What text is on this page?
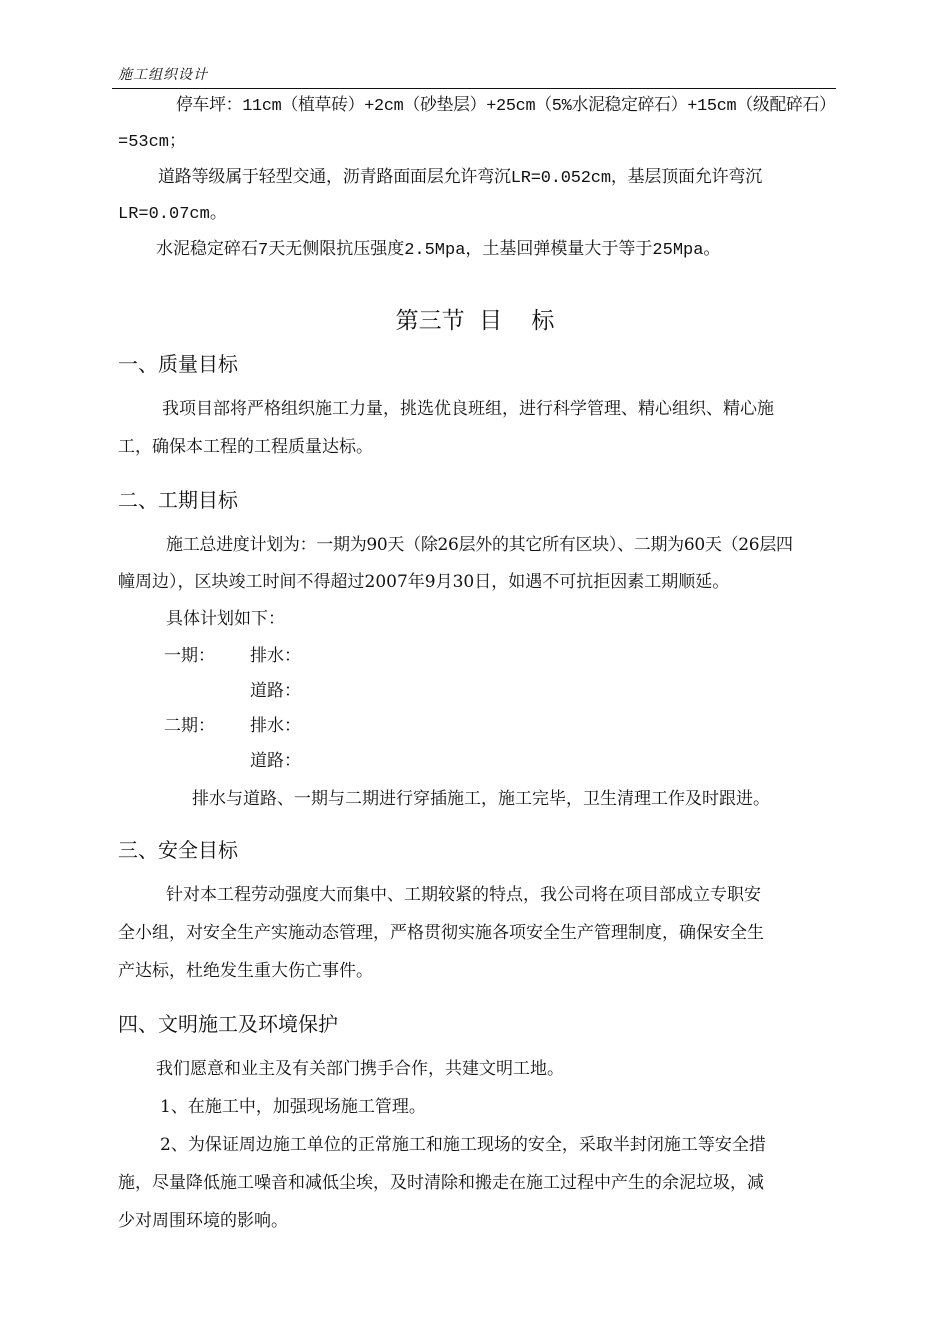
施工组织设计
停车坪：11cm（植草砖）+2cm（砂垫层）+25cm（5%水泥稳定碎石）+15cm（级配碎石）
=53cm；
道路等级属于轻型交通，沥青路面面层允许弯沉LR=0.052cm，基层顶面允许弯沉
LR=0.07cm。
水泥稳定碎石7天无侧限抗压强度2.5Mpa，土基回弹模量大于等于25Mpa。
第三节  目    标
一、质量目标
我项目部将严格组织施工力量，挑选优良班组，进行科学管理、精心组织、精心施
工，确保本工程的工程质量达标。
二、工期目标
施工总进度计划为：一期为90天（除26层外的其它所有区块）、二期为60天（26层四
幢周边），区块竣工时间不得超过2007年9月30日，如遇不可抗拒因素工期顺延。
具体计划如下：
一期： 排水：
道路：
二期： 排水：
道路：
排水与道路、一期与二期进行穿插施工，施工完毕，卫生清理工作及时跟进。
三、安全目标
针对本工程劳动强度大而集中、工期较紧的特点，我公司将在项目部成立专职安
全小组，对安全生产实施动态管理，严格贯彻实施各项安全生产管理制度，确保安全生
产达标，杜绝发生重大伤亡事件。
四、文明施工及环境保护
我们愿意和业主及有关部门携手合作，共建文明工地。
1、在施工中，加强现场施工管理。
2、为保证周边施工单位的正常施工和施工现场的安全，采取半封闭施工等安全措
施，尽量降低施工噪音和减低尘埃，及时清除和搬走在施工过程中产生的余泥垃圾，减
少对周围环境的影响。
